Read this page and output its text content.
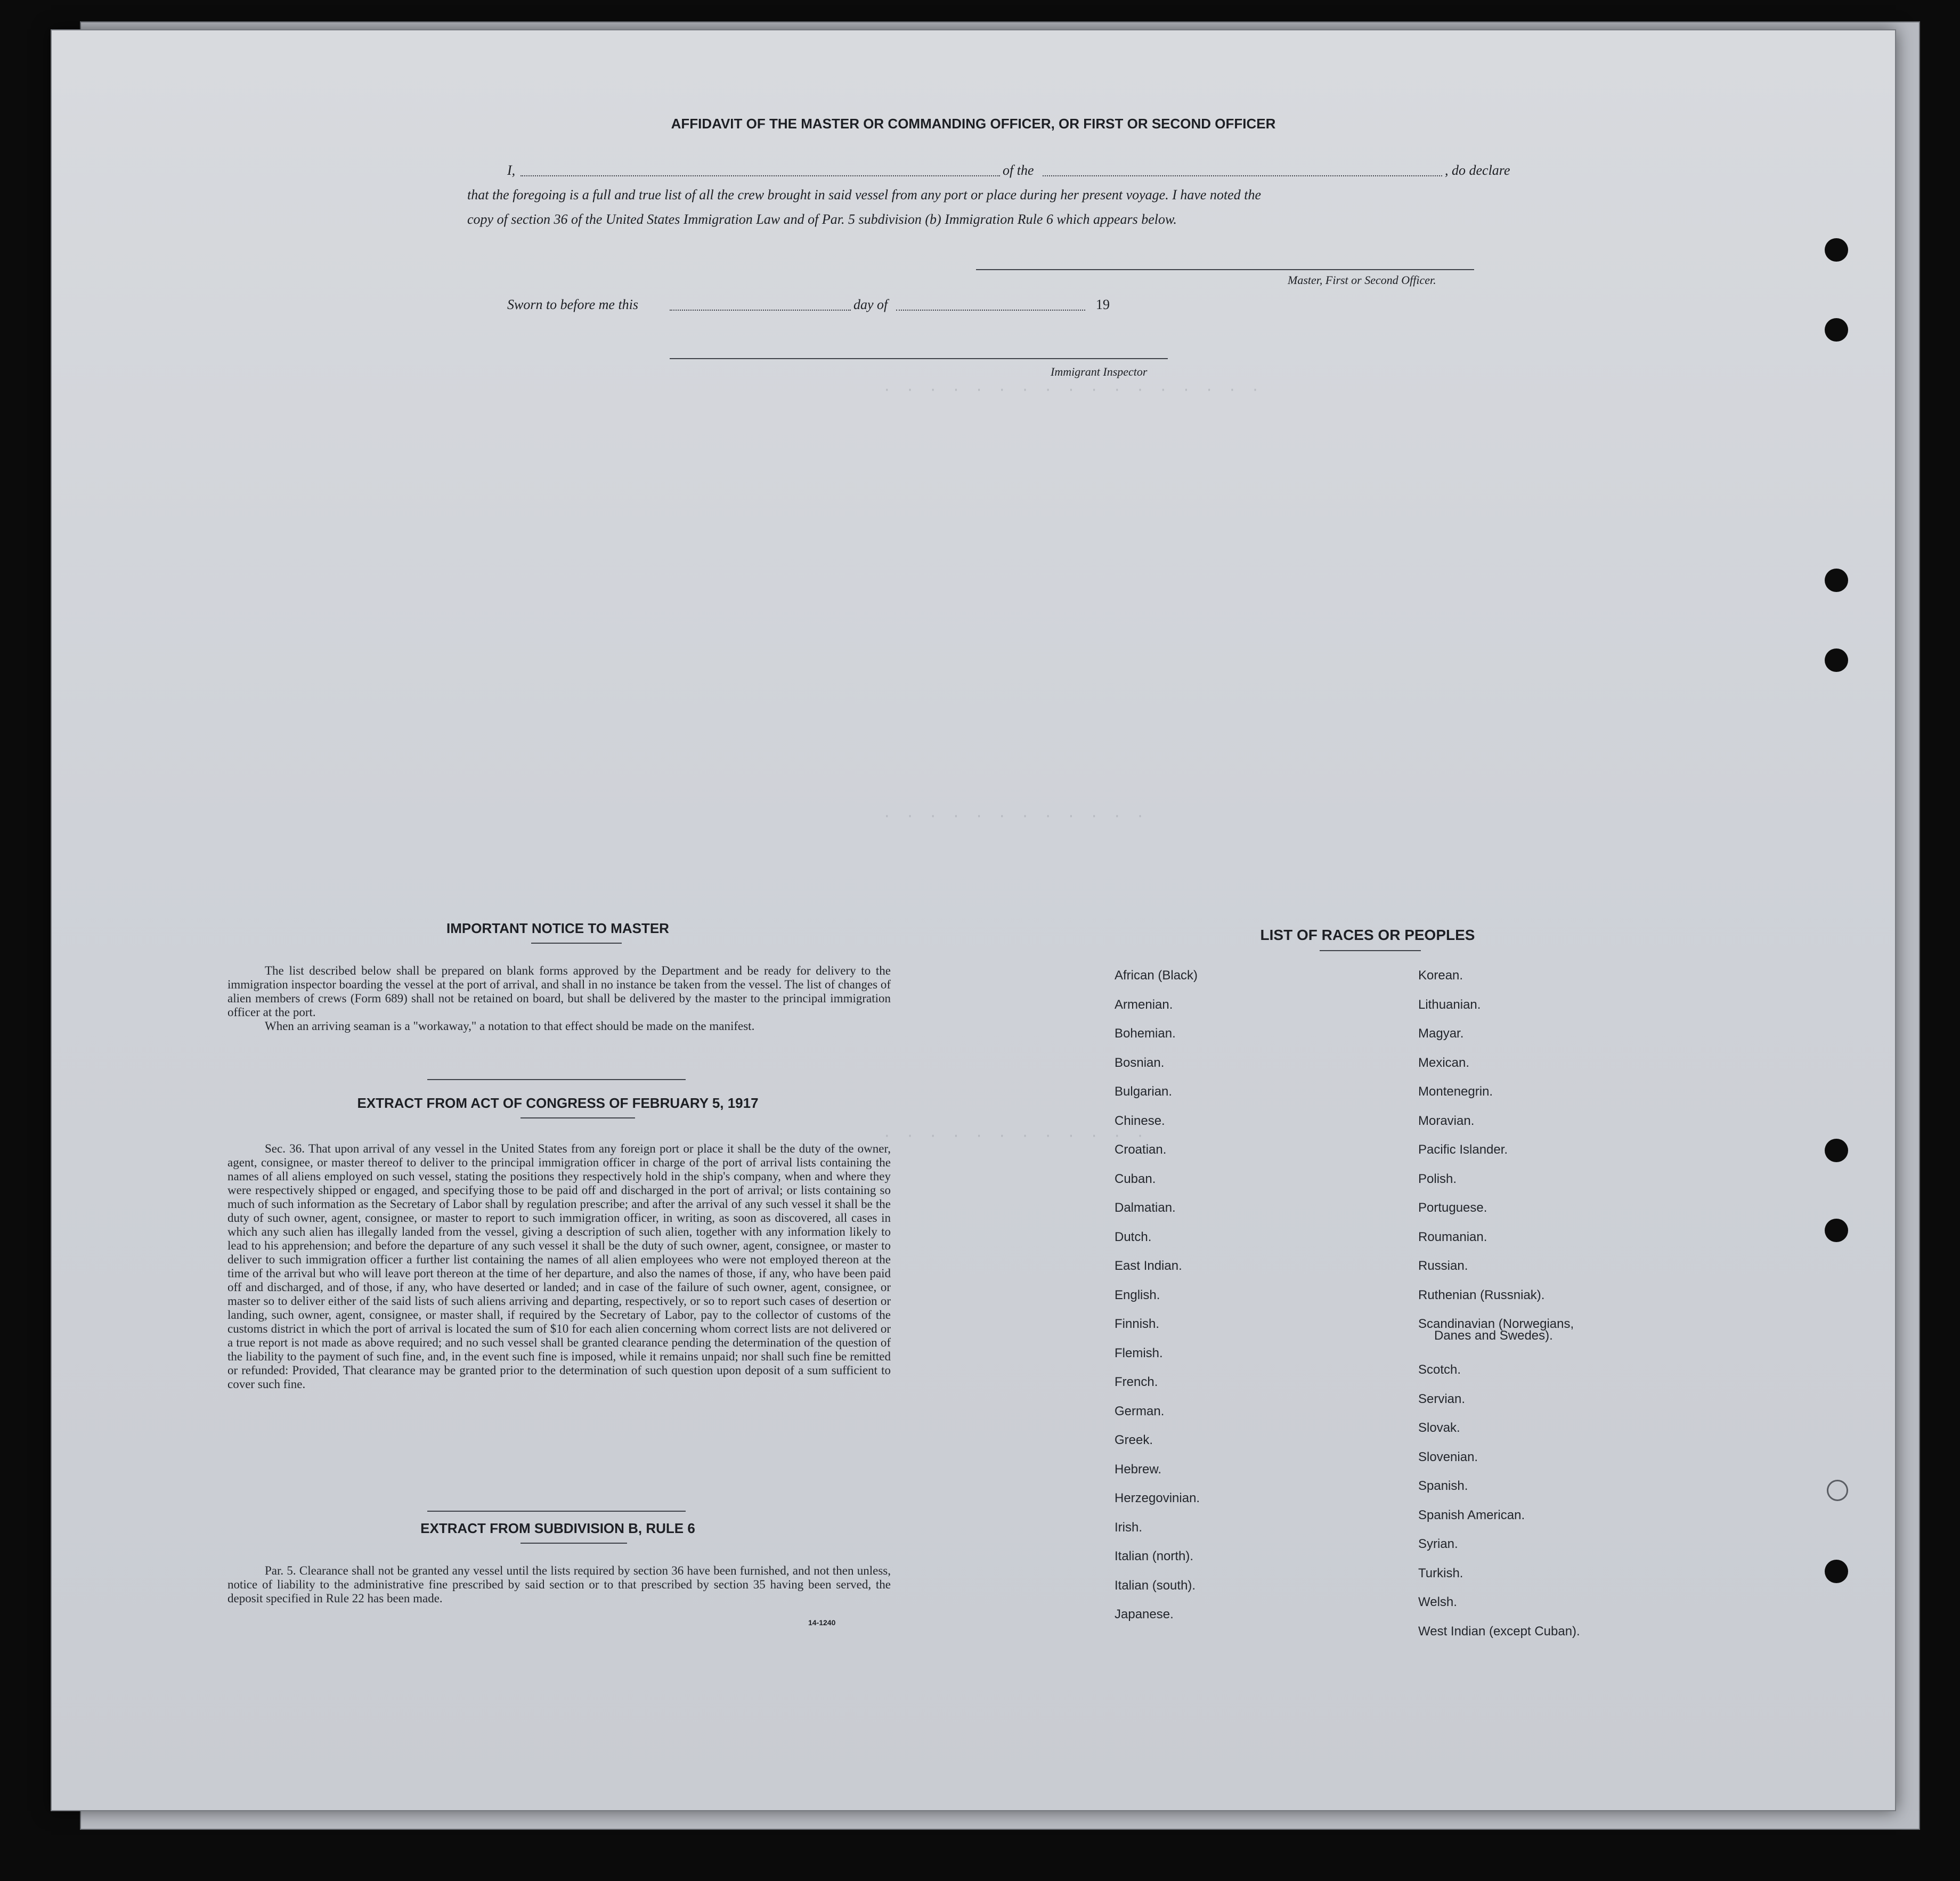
· · · · · · · · · · · · · · · · ·
· · · · · · · · · · · ·
· · · · · · · · · · · ·
AFFIDAVIT OF THE MASTER OR COMMANDING OFFICER, OR FIRST OR SECOND OFFICER
I,	of the	, do declare
that the foregoing is a full and true list of all the crew brought in said vessel from any port or place during her present voyage. I have noted the
copy of section 36 of the United States Immigration Law and of Par. 5 subdivision (b) Immigration Rule 6 which appears below.
Master, First or Second Officer.
Sworn to before me this	day of	19
Immigrant Inspector
IMPORTANT NOTICE TO MASTER
The list described below shall be prepared on blank forms approved by the Department and be ready for delivery to the immigration inspector boarding the vessel at the port of arrival, and shall in no instance be taken from the vessel. The list of changes of alien members of crews (Form 689) shall not be retained on board, but shall be delivered by the master to the principal immigration officer at the port.
When an arriving seaman is a "workaway," a notation to that effect should be made on the manifest.
EXTRACT FROM ACT OF CONGRESS OF FEBRUARY 5, 1917
Sec. 36. That upon arrival of any vessel in the United States from any foreign port or place it shall be the duty of the owner, agent, consignee, or master thereof to deliver to the principal immigration officer in charge of the port of arrival lists containing the names of all aliens employed on such vessel, stating the positions they respectively hold in the ship's company, when and where they were respectively shipped or engaged, and specifying those to be paid off and discharged in the port of arrival; or lists containing so much of such information as the Secretary of Labor shall by regulation prescribe; and after the arrival of any such vessel it shall be the duty of such owner, agent, consignee, or master to report to such immigration officer, in writing, as soon as discovered, all cases in which any such alien has illegally landed from the vessel, giving a description of such alien, together with any information likely to lead to his apprehension; and before the departure of any such vessel it shall be the duty of such owner, agent, consignee, or master to deliver to such immigration officer a further list containing the names of all alien employees who were not employed thereon at the time of the arrival but who will leave port thereon at the time of her departure, and also the names of those, if any, who have been paid off and discharged, and of those, if any, who have deserted or landed; and in case of the failure of such owner, agent, consignee, or master so to deliver either of the said lists of such aliens arriving and departing, respectively, or so to report such cases of desertion or landing, such owner, agent, consignee, or master shall, if required by the Secretary of Labor, pay to the collector of customs of the customs district in which the port of arrival is located the sum of $10 for each alien concerning whom correct lists are not delivered or a true report is not made as above required; and no such vessel shall be granted clearance pending the determination of the question of the liability to the payment of such fine, and, in the event such fine is imposed, while it remains unpaid; nor shall such fine be remitted or refunded: Provided, That clearance may be granted prior to the determination of such question upon deposit of a sum sufficient to cover such fine.
EXTRACT FROM SUBDIVISION B, RULE 6
Par. 5. Clearance shall not be granted any vessel until the lists required by section 36 have been furnished, and not then unless, notice of liability to the administrative fine prescribed by said section or to that prescribed by section 35 having been served, the deposit specified in Rule 22 has been made.
14-1240
LIST OF RACES OR PEOPLES
African (Black)
Armenian.
Bohemian.
Bosnian.
Bulgarian.
Chinese.
Croatian.
Cuban.
Dalmatian.
Dutch.
East Indian.
English.
Finnish.
Flemish.
French.
German.
Greek.
Hebrew.
Herzegovinian.
Irish.
Italian (north).
Italian (south).
Japanese.
Korean.
Lithuanian.
Magyar.
Mexican.
Montenegrin.
Moravian.
Pacific Islander.
Polish.
Portuguese.
Roumanian.
Russian.
Ruthenian (Russniak).
Scandinavian (Norwegians,
Danes and Swedes).
Scotch.
Servian.
Slovak.
Slovenian.
Spanish.
Spanish American.
Syrian.
Turkish.
Welsh.
West Indian (except Cuban).
